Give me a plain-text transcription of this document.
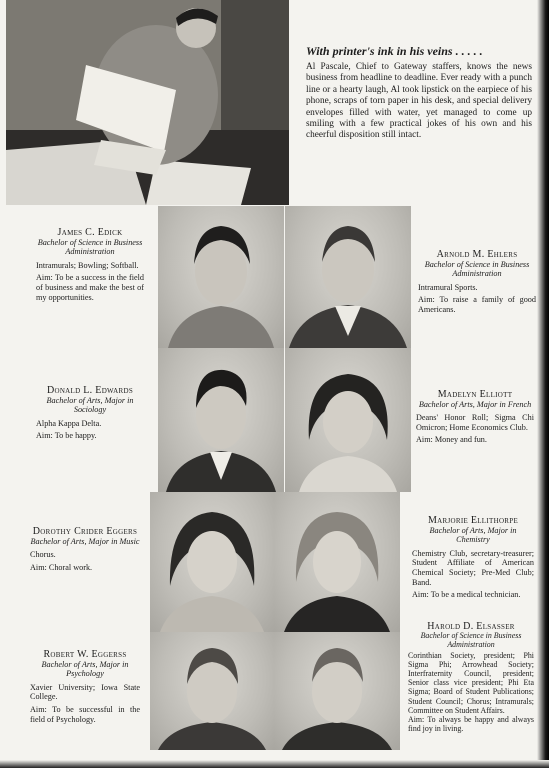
With printer's ink in his veins . . . . .
Al Pascale, Chief to Gateway staffers, knows the news business from headline to deadline. Ever ready with a punch line or a hearty laugh, Al took lipstick on the earpiece of his phone, scraps of torn paper in his desk, and special delivery envelopes filled with water, yet managed to come up smiling with a few practical jokes of his own and his cheerful disposition still intact.
James C. Edick
Bachelor of Science in Business Administration
Intramurals; Bowling; Softball.
Aim: To be a success in the field of business and make the best of my opportunities.
Donald L. Edwards
Bachelor of Arts, Major in Sociology
Alpha Kappa Delta.
Aim: To be happy.
Dorothy Crider Eggers
Bachelor of Arts, Major in Music
Chorus.
Aim: Choral work.
Robert W. Eggerss
Bachelor of Arts, Major in Psychology
Xavier University; Iowa State College.
Aim: To be successful in the field of Psychology.
Arnold M. Ehlers
Bachelor of Science in Business Administration
Intramural Sports.
Aim: To raise a family of good Americans.
Madelyn Elliott
Bachelor of Arts, Major in French
Deans' Honor Roll; Sigma Chi Omicron; Home Economics Club.
Aim: Money and fun.
Marjorie Ellithorpe
Bachelor of Arts, Major in Chemistry
Chemistry Club, secretary-treasurer; Student Affiliate of American Chemical Society; Pre-Med Club; Band.
Aim: To be a medical technician.
Harold D. Elsasser
Bachelor of Science in Business Administration
Corinthian Society, president; Phi Sigma Phi; Arrowhead Society; Interfraternity Council, president; Senior class vice president; Phi Eta Sigma; Board of Student Publications; Student Council; Chorus; Intramurals; Committee on Student Affairs.
Aim: To always be happy and always find joy in living.
